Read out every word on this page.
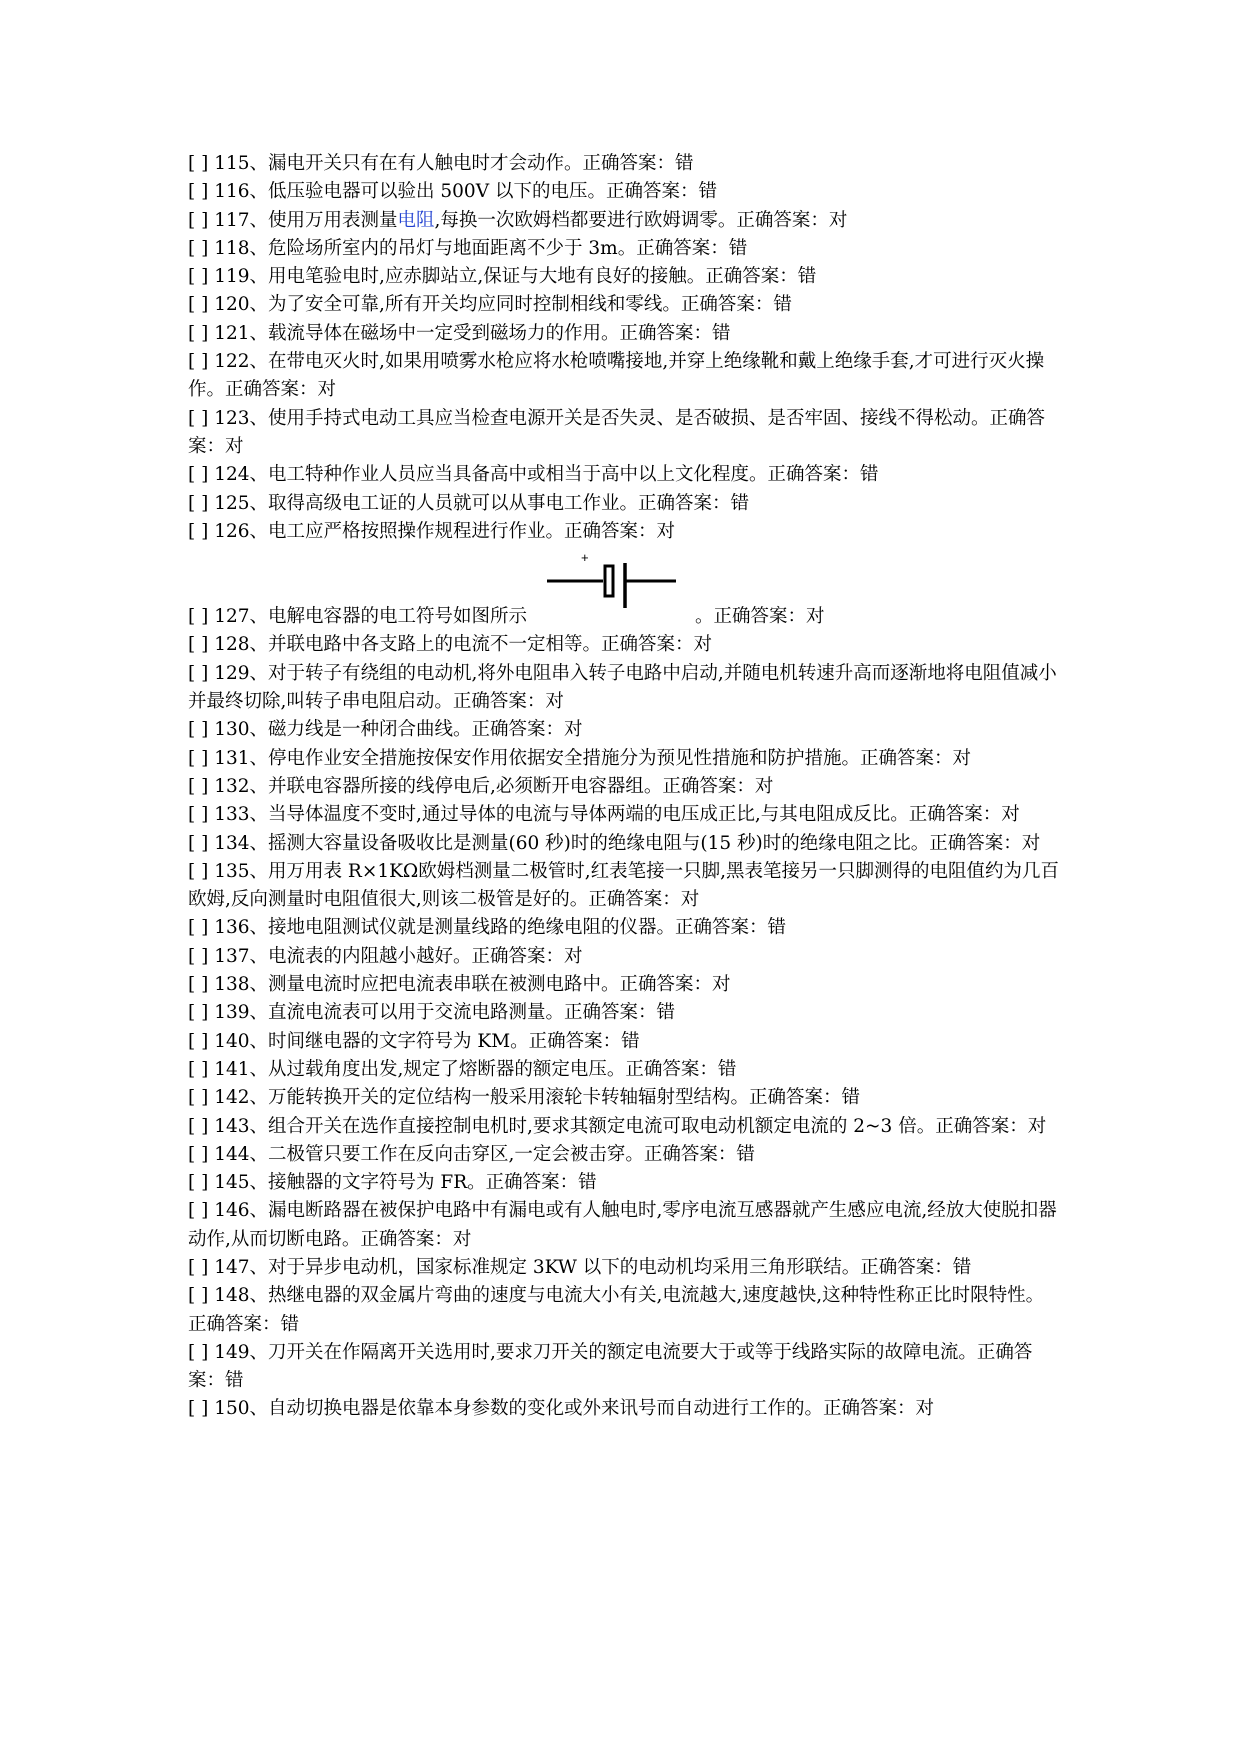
[ ] 115、漏电开关只有在有人触电时才会动作。正确答案：错

[ ] 116、低压验电器可以验出 500V 以下的电压。正确答案：错

[ ] 117、使用万用表测量电阻,每换一次欧姆档都要进行欧姆调零。正确答案：对

[ ] 118、危险场所室内的吊灯与地面距离不少于 3m。正确答案：错

[ ] 119、用电笔验电时,应赤脚站立,保证与大地有良好的接触。正确答案：错

[ ] 120、为了安全可靠,所有开关均应同时控制相线和零线。正确答案：错

[ ] 121、载流导体在磁场中一定受到磁场力的作用。正确答案：错

[ ] 122、在带电灭火时,如果用喷雾水枪应将水枪喷嘴接地,并穿上绝缘靴和戴上绝缘手套,才可进行灭火操作。正确答案：对

[ ] 123、使用手持式电动工具应当检查电源开关是否失灵、是否破损、是否牢固、接线不得松动。正确答案：对

[ ] 124、电工特种作业人员应当具备高中或相当于高中以上文化程度。正确答案：错

[ ] 125、取得高级电工证的人员就可以从事电工作业。正确答案：错

[ ] 126、电工应严格按照操作规程进行作业。正确答案：对

[ ] 127、电解电容器的电工符号如图所示
+
。正确答案：对

[ ] 128、并联电路中各支路上的电流不一定相等。正确答案：对

[ ] 129、对于转子有绕组的电动机,将外电阻串入转子电路中启动,并随电机转速升高而逐渐地将电阻值减小并最终切除,叫转子串电阻启动。正确答案：对

[ ] 130、磁力线是一种闭合曲线。正确答案：对

[ ] 131、停电作业安全措施按保安作用依据安全措施分为预见性措施和防护措施。正确答案：对

[ ] 132、并联电容器所接的线停电后,必须断开电容器组。正确答案：对

[ ] 133、当导体温度不变时,通过导体的电流与导体两端的电压成正比,与其电阻成反比。正确答案：对

[ ] 134、摇测大容量设备吸收比是测量(60 秒)时的绝缘电阻与(15 秒)时的绝缘电阻之比。正确答案：对

[ ] 135、用万用表 R×1KΩ欧姆档测量二极管时,红表笔接一只脚,黑表笔接另一只脚测得的电阻值约为几百欧姆,反向测量时电阻值很大,则该二极管是好的。正确答案：对

[ ] 136、接地电阻测试仪就是测量线路的绝缘电阻的仪器。正确答案：错

[ ] 137、电流表的内阻越小越好。正确答案：对

[ ] 138、测量电流时应把电流表串联在被测电路中。正确答案：对

[ ] 139、直流电流表可以用于交流电路测量。正确答案：错

[ ] 140、时间继电器的文字符号为 KM。正确答案：错

[ ] 141、从过载角度出发,规定了熔断器的额定电压。正确答案：错

[ ] 142、万能转换开关的定位结构一般采用滚轮卡转轴辐射型结构。正确答案：错

[ ] 143、组合开关在选作直接控制电机时,要求其额定电流可取电动机额定电流的 2~3 倍。正确答案：对

[ ] 144、二极管只要工作在反向击穿区,一定会被击穿。正确答案：错

[ ] 145、接触器的文字符号为 FR。正确答案：错

[ ] 146、漏电断路器在被保护电路中有漏电或有人触电时,零序电流互感器就产生感应电流,经放大使脱扣器动作,从而切断电路。正确答案：对

[ ] 147、对于异步电动机，国家标准规定 3KW 以下的电动机均采用三角形联结。正确答案：错

[ ] 148、热继电器的双金属片弯曲的速度与电流大小有关,电流越大,速度越快,这种特性称正比时限特性。正确答案：错

[ ] 149、刀开关在作隔离开关选用时,要求刀开关的额定电流要大于或等于线路实际的故障电流。正确答案：错

[ ] 150、自动切换电器是依靠本身参数的变化或外来讯号而自动进行工作的。正确答案：对
